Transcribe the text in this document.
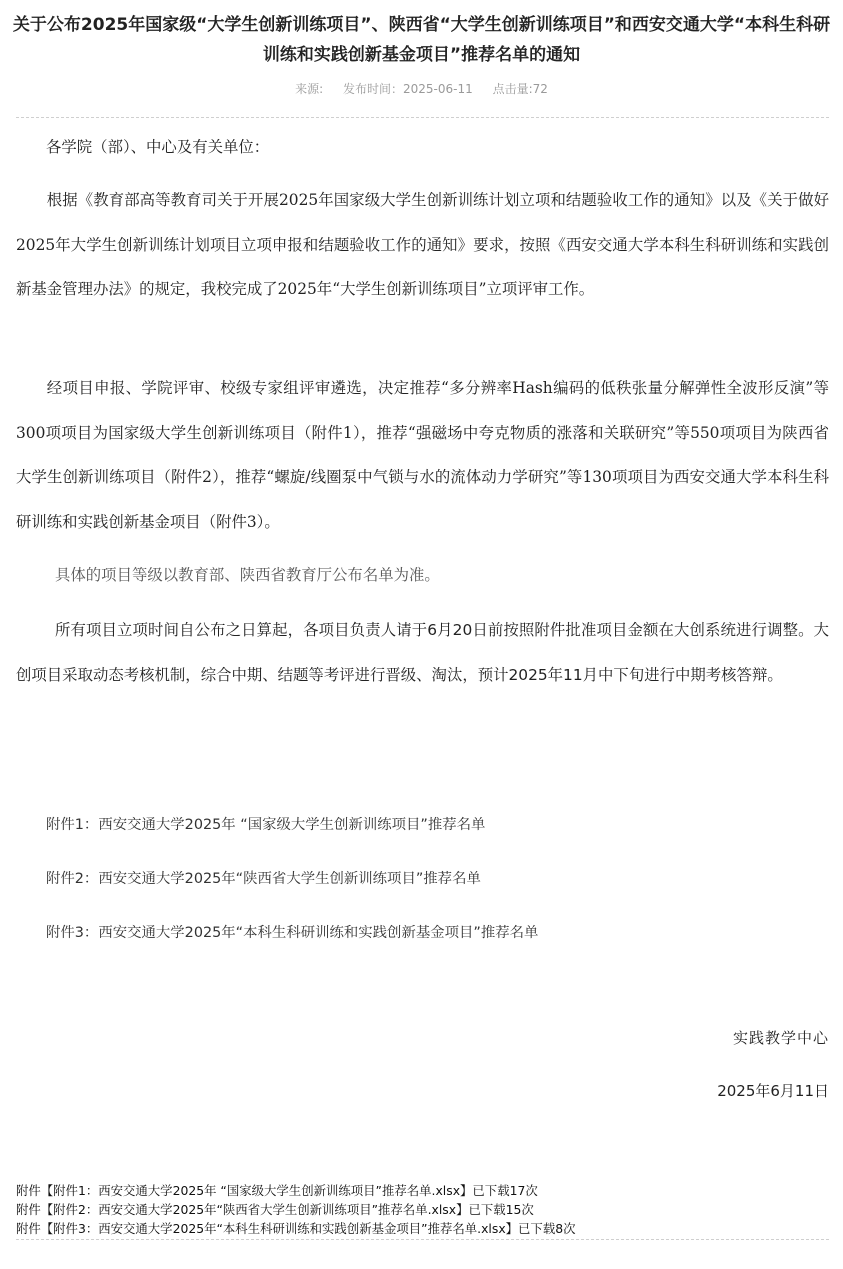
关于公布2025年国家级“大学生创新训练项目”、陕西省“大学生创新训练项目”和西安交通大学“本科生科研训练和实践创新基金项目”推荐名单的通知
来源: 发布时间：2025-06-11 点击量:72
各学院（部）、中心及有关单位：
根据《教育部高等教育司关于开展2025年国家级大学生创新训练计划立项和结题验收工作的通知》以及《关于做好2025年大学生创新训练计划项目立项申报和结题验收工作的通知》要求，按照《西安交通大学本科生科研训练和实践创新基金管理办法》的规定，我校完成了2025年“大学生创新训练项目”立项评审工作。
经项目申报、学院评审、校级专家组评审遴选，决定推荐“多分辨率Hash编码的低秩张量分解弹性全波形反演”等300项项目为国家级大学生创新训练项目（附件1），推荐“强磁场中夸克物质的涨落和关联研究”等550项项目为陕西省大学生创新训练项目（附件2），推荐“螺旋/线圈泵中气锁与水的流体动力学研究”等130项项目为西安交通大学本科生科研训练和实践创新基金项目（附件3）。
具体的项目等级以教育部、陕西省教育厅公布名单为准。
所有项目立项时间自公布之日算起，各项目负责人请于6月20日前按照附件批准项目金额在大创系统进行调整。大创项目采取动态考核机制，综合中期、结题等考评进行晋级、淘汰，预计2025年11月中下旬进行中期考核答辩。
附件1：西安交通大学2025年 “国家级大学生创新训练项目”推荐名单
附件2：西安交通大学2025年“陕西省大学生创新训练项目”推荐名单
附件3：西安交通大学2025年“本科生科研训练和实践创新基金项目”推荐名单
实践教学中心
2025年6月11日
附件【附件1：西安交通大学2025年 “国家级大学生创新训练项目”推荐名单.xlsx】已下载17次
附件【附件2：西安交通大学2025年“陕西省大学生创新训练项目”推荐名单.xlsx】已下载15次
附件【附件3：西安交通大学2025年“本科生科研训练和实践创新基金项目”推荐名单.xlsx】已下载8次
